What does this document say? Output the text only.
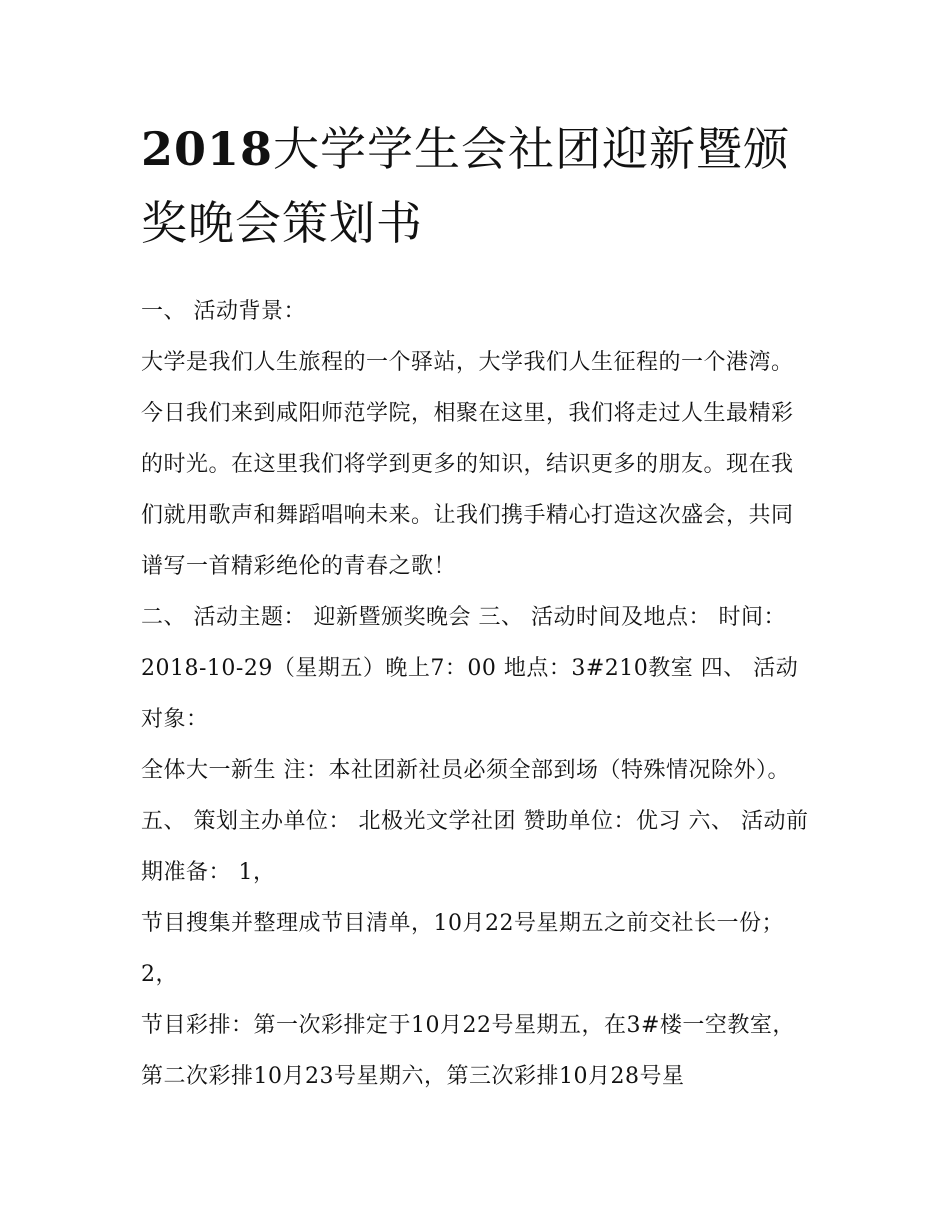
2018大学学生会社团迎新暨颁奖晚会策划书

一、 活动背景：

大学是我们人生旅程的一个驿站，大学我们人生征程的一个港湾。今日我们来到咸阳师范学院，相聚在这里，我们将走过人生最精彩的时光。在这里我们将学到更多的知识，结识更多的朋友。现在我们就用歌声和舞蹈唱响未来。让我们携手精心打造这次盛会，共同谱写一首精彩绝伦的青春之歌！

二、 活动主题： 迎新暨颁奖晚会 三、 活动时间及地点： 时间：2018-10-29（星期五）晚上7：00 地点：3#210教室 四、 活动对象：

全体大一新生 注：本社团新社员必须全部到场（特殊情况除外）。 五、 策划主办单位： 北极光文学社团 赞助单位：优习 六、 活动前期准备： 1，

节目搜集并整理成节目清单，10月22号星期五之前交社长一份； 2，

节目彩排：第一次彩排定于10月22号星期五，在3#楼一空教室，第二次彩排10月23号星期六，第三次彩排10月28号星
